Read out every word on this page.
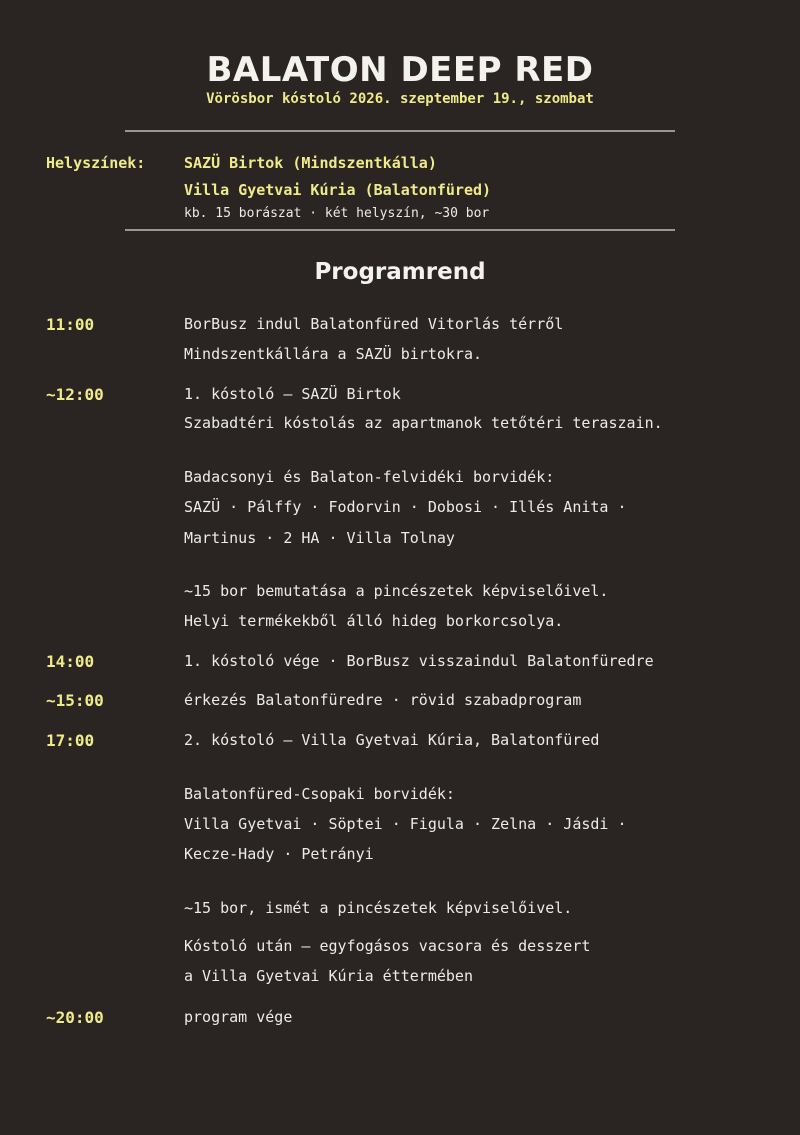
BALATON DEEP RED
Vörösbor kóstoló 2026. szeptember 19., szombat
Helyszínek:	SAZÜ Birtok (Mindszentkálla)
Villa Gyetvai Kúria (Balatonfüred)
kb. 15 borászat · két helyszín, ~30 bor
Programrend
11:00
~12:00
14:00
~15:00
17:00
~20:00
BorBusz indul Balatonfüred Vitorlás térről
Mindszentkállára a SAZÜ birtokra.
1. kóstoló — SAZÜ Birtok
Szabadtéri kóstolás az apartmanok tetőtéri teraszain.
Badacsonyi és Balaton-felvidéki borvidék:
SAZÜ · Pálffy · Fodorvin · Dobosi · Illés Anita ·
Martinus · 2 HA · Villa Tolnay
~15 bor bemutatása a pincészetek képviselőivel.
Helyi termékekből álló hideg borkorcsolya.
1. kóstoló vége · BorBusz visszaindul Balatonfüredre
érkezés Balatonfüredre · rövid szabadprogram
2. kóstoló — Villa Gyetvai Kúria, Balatonfüred
Balatonfüred-Csopaki borvidék:
Villa Gyetvai · Söptei · Figula · Zelna · Jásdi ·
Kecze-Hady · Petrányi
~15 bor, ismét a pincészetek képviselőivel.
Kóstoló után — egyfogásos vacsora és desszert
a Villa Gyetvai Kúria éttermében
program vége
